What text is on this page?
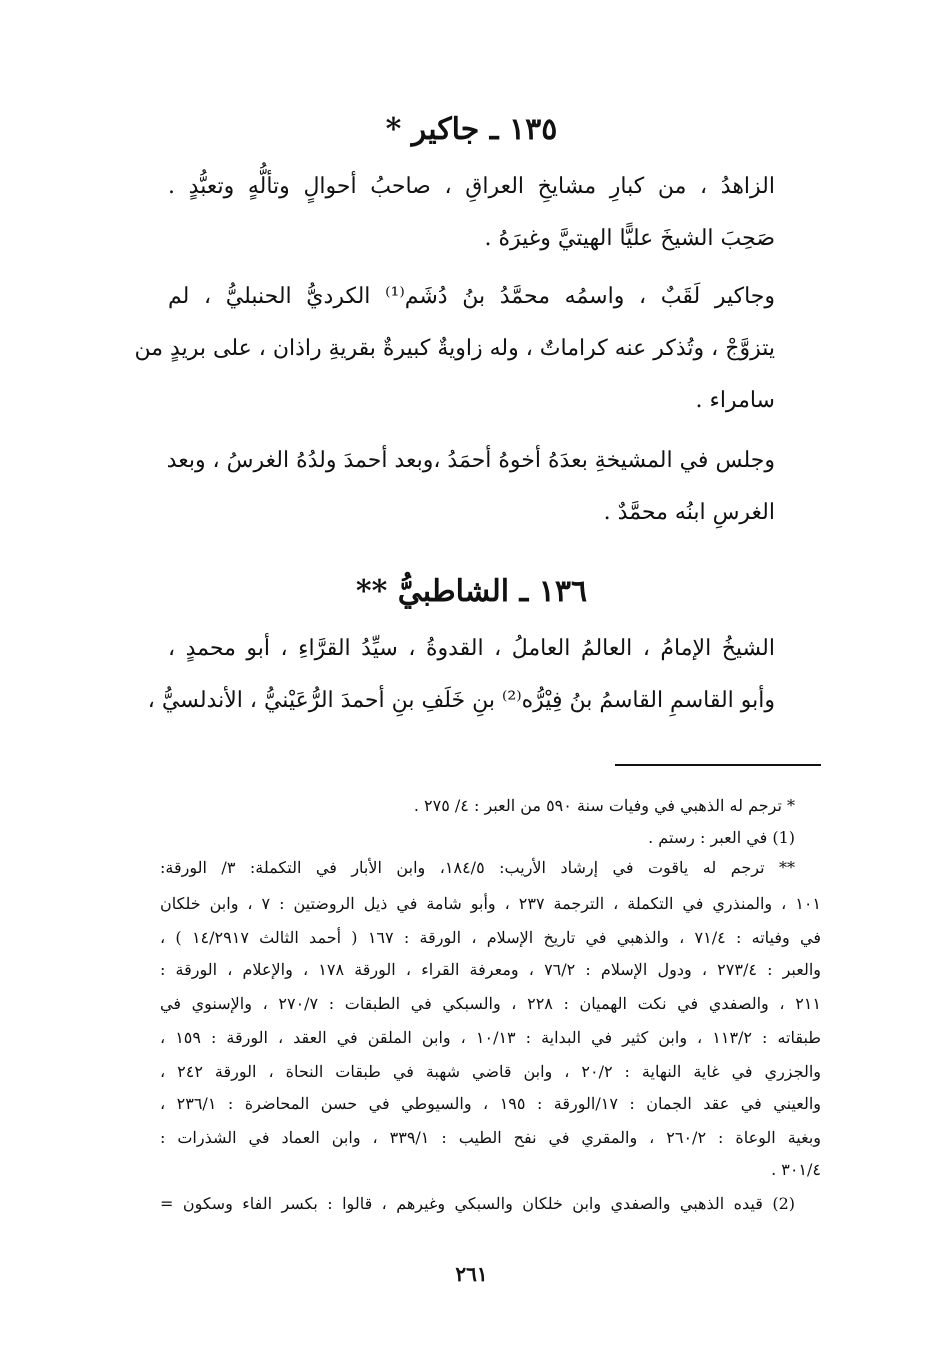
١٣٥ ـ جاكير *
الزاهدُ ، من كبارِ مشايخِ العراقِ ، صاحبُ أحوالٍ وتألُّهٍ وتعبُّدٍ .
صَحِبَ الشيخَ عليًّا الهيتيَّ وغيرَهُ .
وجاكير لَقَبٌ ، واسمُه محمَّدُ بنُ دُشَم⁽¹⁾ الكرديُّ الحنبليُّ ، لم
يتزوَّجْ ، وتُذكر عنه كراماتٌ ، وله زاويةٌ كبيرةٌ بقريةِ راذان ، على بريدٍ من
سامراء .
وجلس في المشيخةِ بعدَهُ أخوهُ أحمَدُ ،وبعد أحمدَ ولدُهُ الغرسُ ، وبعد
الغرسِ ابنُه محمَّدٌ .
١٣٦ ـ الشاطبيُّ **
الشيخُ الإمامُ ، العالمُ العاملُ ، القدوةُ ، سيِّدُ القرَّاءِ ، أبو محمدٍ ،
وأبو القاسمِ القاسمُ بنُ فِيْرُّه⁽²⁾ بنِ خَلَفِ بنِ أحمدَ الرُّعَيْنيُّ ، الأندلسيُّ ،
* ترجم له الذهبي في وفيات سنة ٥٩٠ من العبر : ٤/ ٢٧٥ .
(1) في العبر : رستم .
** ترجم له ياقوت في إرشاد الأريب: ١٨٤/٥، وابن الأبار في التكملة: ٣/ الورقة:
١٠١ ، والمنذري في التكملة ، الترجمة ٢٣٧ ، وأبو شامة في ذيل الروضتين : ٧ ، وابن خلكان
في وفياته : ٧١/٤ ، والذهبي في تاريخ الإسلام ، الورقة : ١٦٧ ( أحمد الثالث ١٤/٢٩١٧ ) ،
والعبر : ٢٧٣/٤ ، ودول الإسلام : ٧٦/٢ ، ومعرفة القراء ، الورقة ١٧٨ ، والإعلام ، الورقة :
٢١١ ، والصفدي في نكت الهميان : ٢٢٨ ، والسبكي في الطبقات : ٢٧٠/٧ ، والإسنوي في
طبقاته : ١١٣/٢ ، وابن كثير في البداية : ١٠/١٣ ، وابن الملقن في العقد ، الورقة : ١٥٩ ،
والجزري في غاية النهاية : ٢٠/٢ ، وابن قاضي شهبة في طبقات النحاة ، الورقة ٢٤٢ ،
والعيني في عقد الجمان : ١٧/الورقة : ١٩٥ ، والسيوطي في حسن المحاضرة : ٢٣٦/١ ،
وبغية الوعاة : ٢٦٠/٢ ، والمقري في نفح الطيب : ٣٣٩/١ ، وابن العماد في الشذرات :
٣٠١/٤ .
(2) قيده الذهبي والصفدي وابن خلكان والسبكي وغيرهم ، قالوا : بكسر الفاء وسكون =
٢٦١
